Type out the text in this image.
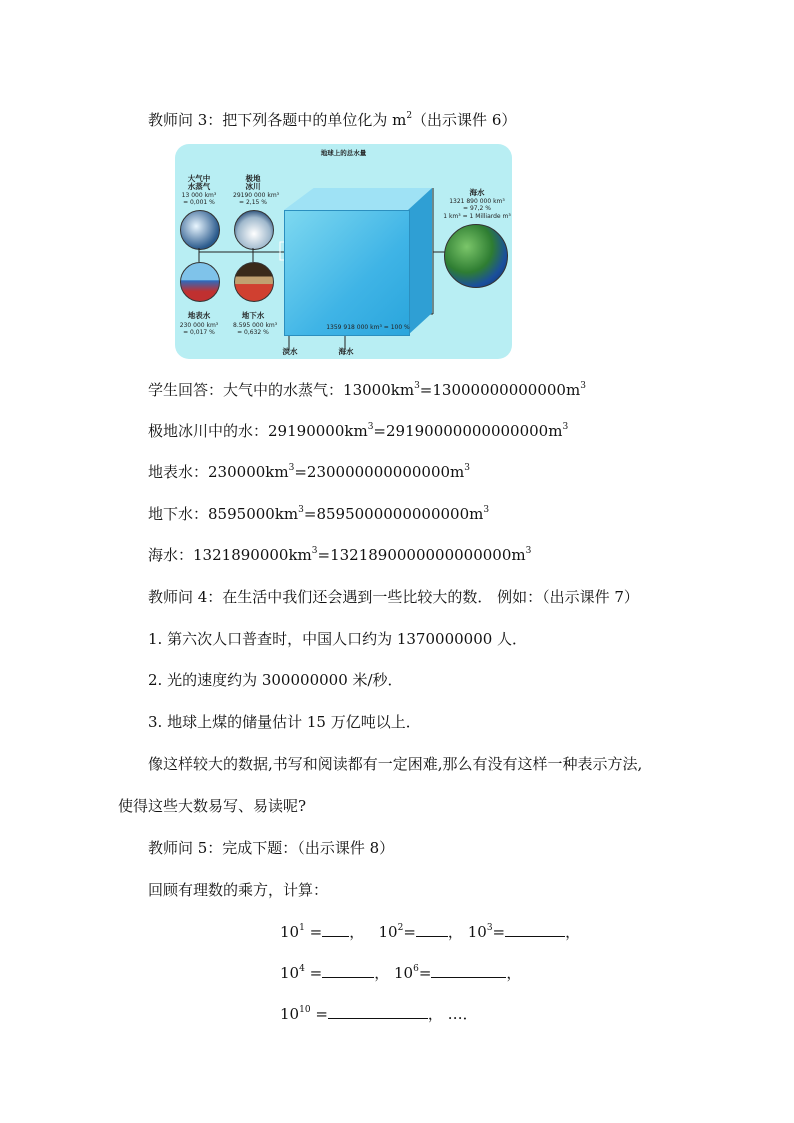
教师问 3：把下列各题中的单位化为 $m^2$（出示课件 6）
地球上的总水量
大气中
水蒸气
13 000 km³
= 0,001 %
极地
冰川
29190 000 km³
= 2,15 %
地表水
230 000 km³
= 0,017 %
地下水
8.595 000 km³
= 0,632 %
1359 918 000 km³ = 100 %
海水
1321 890 000 km³
= 97,2 %
1 km³ = 1 Milliarde m³
淡水	海水
学生回答：大气中的水蒸气：$13000km^3=13000000000000m^3$
极地冰川中的水：$29190000km^3=29190000000000000m^3$
地表水：$230000km^3=230000000000000m^3$
地下水：$8595000km^3=8595000000000000m^3$
海水：$1321890000km^3=1321890000000000000m^3$
教师问 4：在生活中我们还会遇到一些比较大的数． 例如：（出示课件 7）
1. 第六次人口普查时，中国人口约为 1370000000 人．
2. 光的速度约为 300000000 米/秒．
3. 地球上煤的储量估计 15 万亿吨以上．
像这样较大的数据,书写和阅读都有一定困难,那么有没有这样一种表示方法,
使得这些大数易写、易读呢?
教师问 5：完成下题：（出示课件 8）
回顾有理数的乘方，计算：
$10^1$ = ， $10^2=$ ， $10^3=$	，
$10^4$ =	， $10^6=$	，
$10^{10}$ =	， …．
